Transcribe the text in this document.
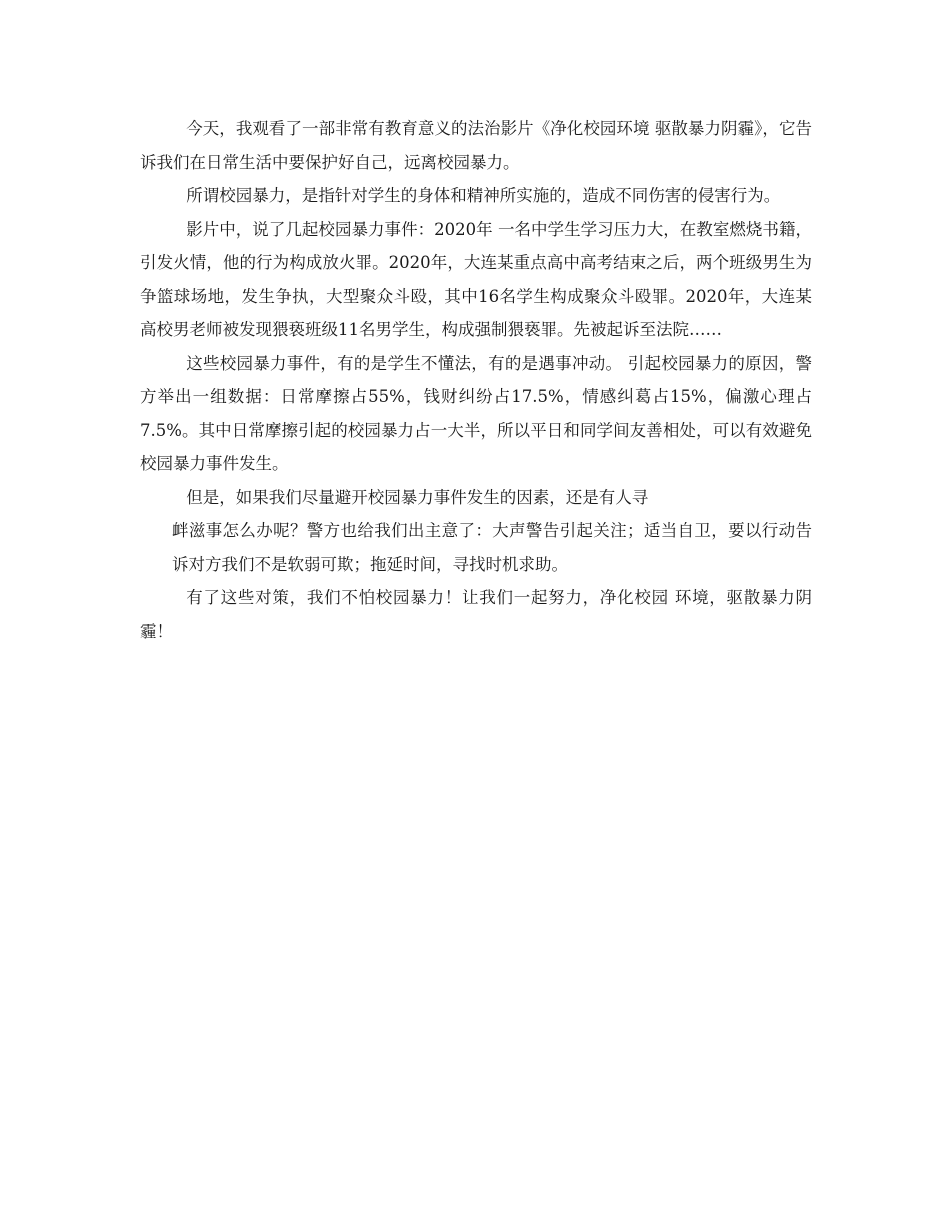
今天，我观看了一部非常有教育意义的法治影片《净化校园环境 驱散暴力阴霾》，它告诉我们在日常生活中要保护好自己，远离校园暴力。

所谓校园暴力，是指针对学生的身体和精神所实施的，造成不同伤害的侵害行为。

影片中，说了几起校园暴力事件：2020年 一名中学生学习压力大，在教室燃烧书籍，引发火情，他的行为构成放火罪。2020年，大连某重点高中高考结束之后，两个班级男生为争篮球场地，发生争执，大型聚众斗殴，其中16名学生构成聚众斗殴罪。2020年，大连某高校男老师被发现猥亵班级11名男学生，构成强制猥亵罪。先被起诉至法院……

这些校园暴力事件，有的是学生不懂法，有的是遇事冲动。 引起校园暴力的原因，警方举出一组数据：日常摩擦占55%，钱财纠纷占17.5%，情感纠葛占15%，偏激心理占 7.5%。其中日常摩擦引起的校园暴力占一大半，所以平日和同学间友善相处，可以有效避免校园暴力事件发生。

但是，如果我们尽量避开校园暴力事件发生的因素，还是有人寻

衅滋事怎么办呢？警方也给我们出主意了：大声警告引起关注；适当自卫，要以行动告诉对方我们不是软弱可欺；拖延时间，寻找时机求助。

有了这些对策，我们不怕校园暴力！让我们一起努力，净化校园 环境，驱散暴力阴霾！
